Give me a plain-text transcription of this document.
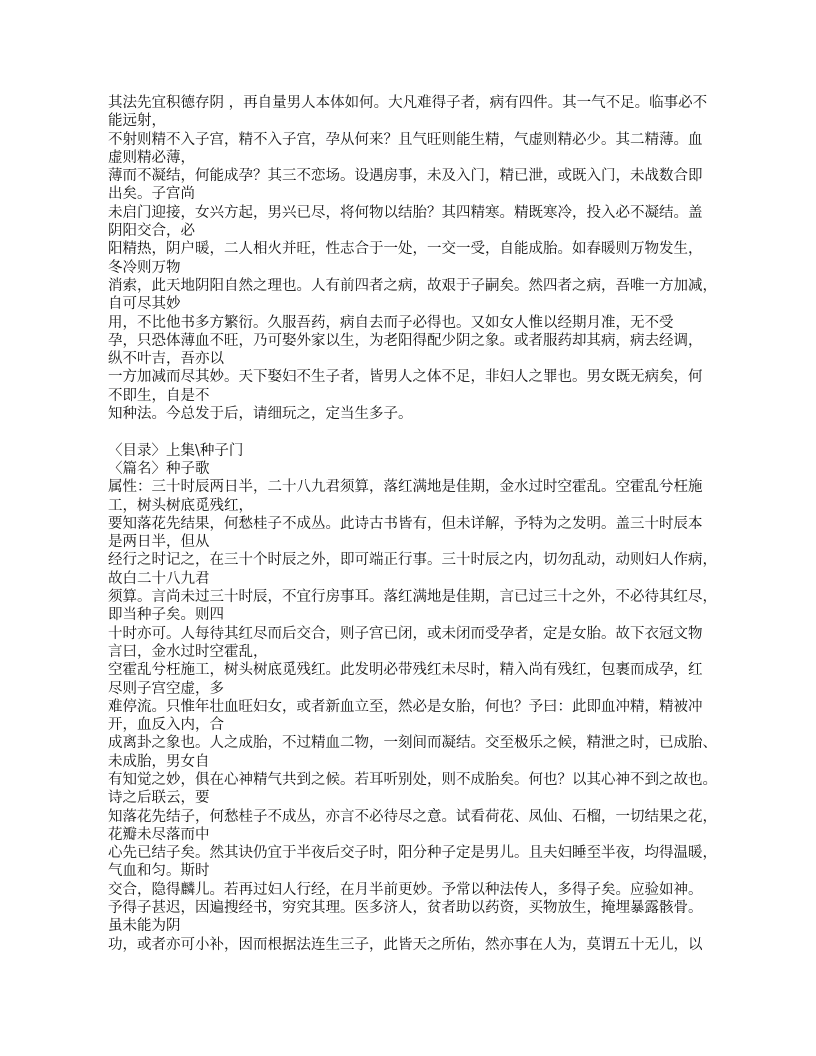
其法先宜积德存阴 ，再自量男人本体如何。大凡难得子者，病有四件。其一气不足。临事必不
能远射，
不射则精不入子宫，精不入子宫，孕从何来？且气旺则能生精，气虚则精必少。其二精薄。血
虚则精必薄，
薄而不凝结，何能成孕？其三不恋场。设遇房事，未及入门，精已泄，或既入门，未战数合即
出矣。子宫尚
未启门迎接，女兴方起，男兴已尽，将何物以结胎？其四精寒。精既寒冷，投入必不凝结。盖
阴阳交合，必
阳精热，阴户暖，二人相火并旺，性志合于一处，一交一受，自能成胎。如春暖则万物发生，
冬冷则万物
消索，此天地阴阳自然之理也。人有前四者之病，故艰于子嗣矣。然四者之病，吾唯一方加减，
自可尽其妙
用，不比他书多方繁衍。久服吾药，病自去而子必得也。又如女人惟以经期月准，无不受
孕，只恐体薄血不旺，乃可娶外家以生，为老阳得配少阴之象。或者服药却其病，病去经调，
纵不叶吉，吾亦以
一方加减而尽其妙。天下娶妇不生子者，皆男人之体不足，非妇人之罪也。男女既无病矣，何
不即生，自是不
知种法。今总发于后，请细玩之，定当生多子。
〈目录〉上集\种子门
〈篇名〉种子歌
属性：三十时辰两日半，二十八九君须算，落红满地是佳期，金水过时空霍乱。空霍乱兮枉施
工，树头树底觅残红，
要知落花先结果，何愁桂子不成丛。此诗古书皆有，但未详解，予特为之发明。盖三十时辰本
是两日半，但从
经行之时记之，在三十个时辰之外，即可端正行事。三十时辰之内，切勿乱动，动则妇人作病，
故白二十八九君
须算。言尚未过三十时辰，不宜行房事耳。落红满地是佳期，言已过三十之外，不必待其红尽，
即当种子矣。则四
十时亦可。人每待其红尽而后交合，则子宫已闭，或未闭而受孕者，定是女胎。故下衣冠文物
言曰，金水过时空霍乱，
空霍乱兮枉施工，树头树底觅残红。此发明必带残红未尽时，精入尚有残红，包裹而成孕，红
尽则子宫空虚，多
难停流。只惟年壮血旺妇女，或者新血立至，然必是女胎，何也？予曰：此即血冲精，精被冲
开，血反入内，合
成离卦之象也。人之成胎，不过精血二物，一刻间而凝结。交至极乐之候，精泄之时，已成胎、
未成胎，男女自
有知觉之妙，俱在心神精气共到之候。若耳听别处，则不成胎矣。何也？以其心神不到之故也。
诗之后联云，要
知落花先结子，何愁桂子不成丛，亦言不必待尽之意。试看荷花、凤仙、石榴，一切结果之花，
花瓣未尽落而中
心先已结子矣。然其诀仍宜于半夜后交子时，阳分种子定是男儿。且夫妇睡至半夜，均得温暖，
气血和匀。斯时
交合，隐得麟儿。若再过妇人行经，在月半前更妙。予常以种法传人，多得子矣。应验如神。
予得子甚迟，因遍搜经书，穷究其理。医多济人，贫者助以药资，买物放生，掩埋暴露骸骨。
虽未能为阴
功，或者亦可小补，因而根据法连生三子，此皆天之所佑，然亦事在人为，莫谓五十无儿，以
